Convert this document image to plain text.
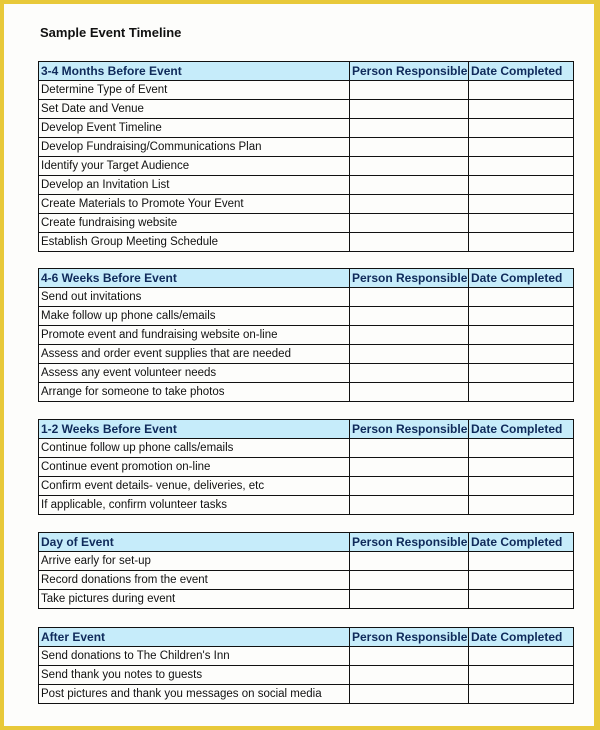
Sample Event Timeline
3-4 Months Before Event	Person Responsible	Date Completed
Determine Type of Event		
Set Date and Venue		
Develop Event Timeline		
Develop Fundraising/Communications Plan		
Identify your Target Audience		
Develop an Invitation List		
Create Materials to Promote Your Event		
Create fundraising website		
Establish Group Meeting Schedule		
4-6 Weeks Before Event	Person Responsible	Date Completed
Send out invitations		
Make follow up phone calls/emails		
Promote event and fundraising website on-line		
Assess and order event supplies that are needed		
Assess any event volunteer needs		
Arrange for someone to take photos		
1-2 Weeks Before Event	Person Responsible	Date Completed
Continue follow up phone calls/emails		
Continue event promotion on-line		
Confirm event details- venue, deliveries, etc		
If applicable, confirm volunteer tasks		
Day of Event	Person Responsible	Date Completed
Arrive early for set-up		
Record donations from the event		
Take pictures during event		
After Event	Person Responsible	Date Completed
Send donations to The Children's Inn		
Send thank you notes to guests		
Post pictures and thank you messages on social media		
